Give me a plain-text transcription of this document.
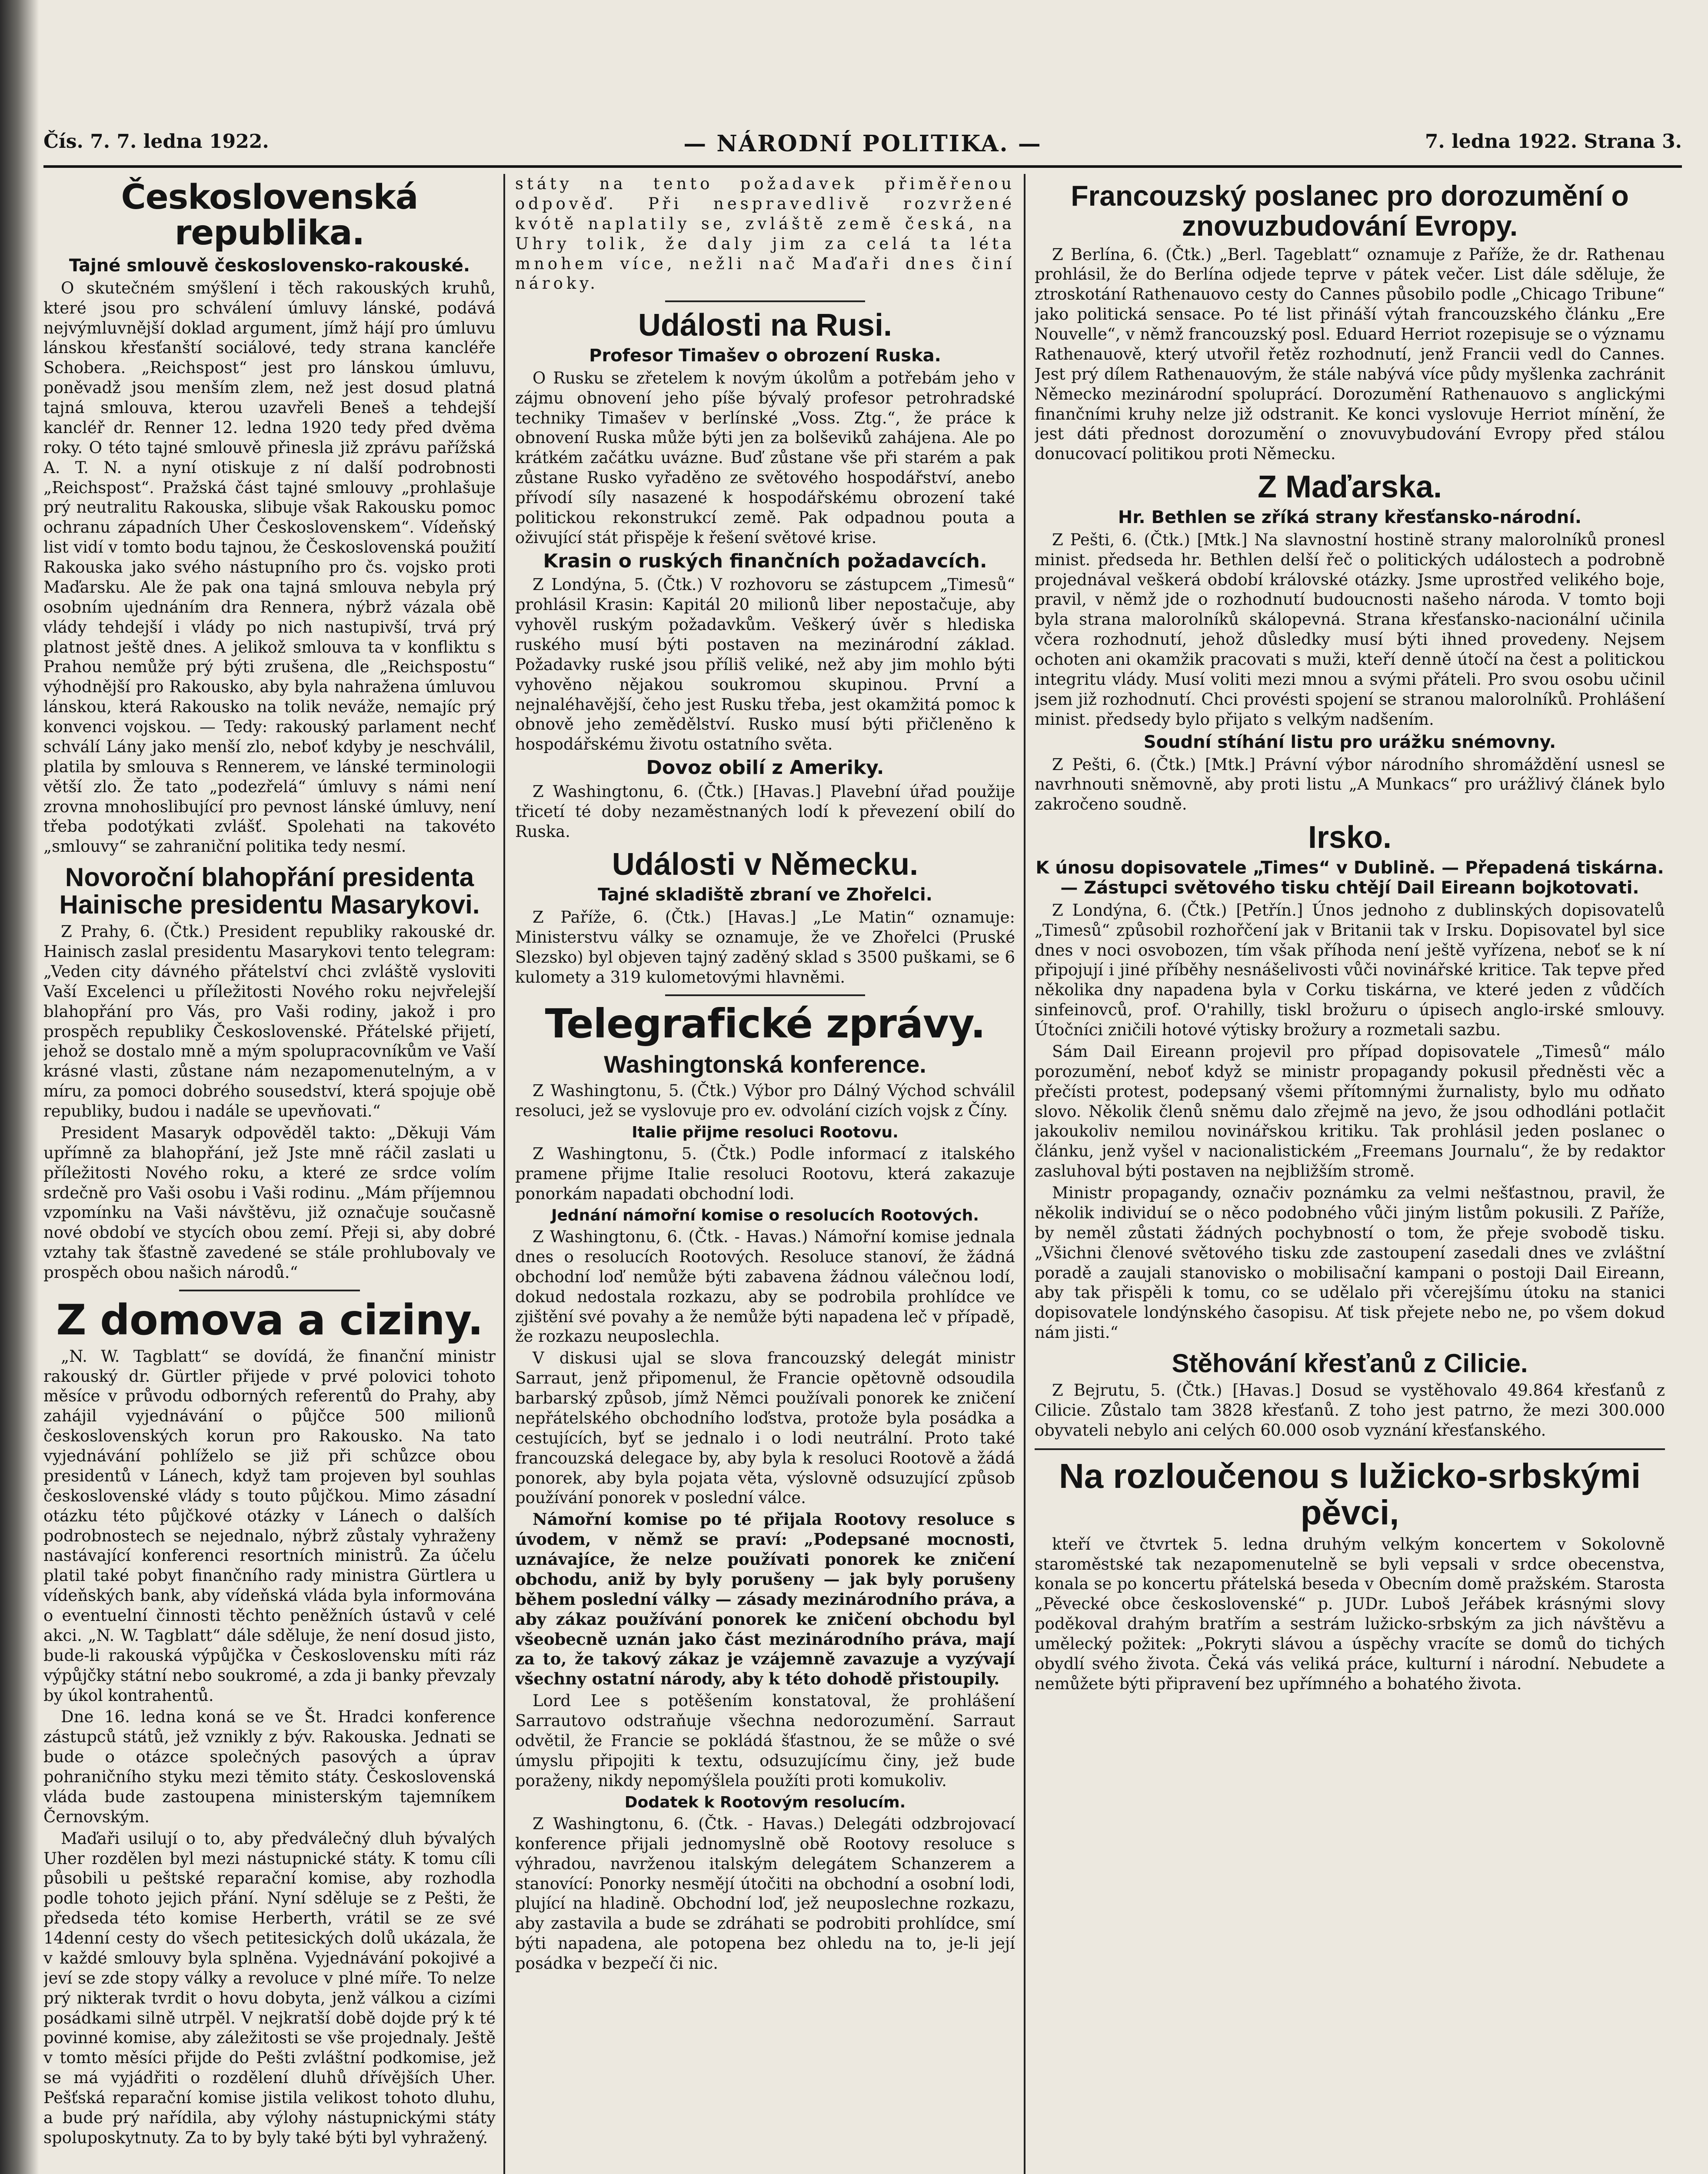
Čís. 7. 7. ledna 1922.	— NÁRODNÍ POLITIKA. —	7. ledna 1922. Strana 3.
Československá republika.
Tajné smlouvě československo-rakouské.

O skutečném smýšlení i těch rakouských kruhů, které jsou pro schválení úmluvy lánské, podává nejvýmluvnější doklad argument, jímž hájí pro úmluvu lánskou křesťanští sociálové, tedy strana kancléře Schobera. „Reichspost“ jest pro lánskou úmluvu, poněvadž jsou menším zlem, než jest dosud platná tajná smlouva, kterou uzavřeli Beneš a tehdejší kancléř dr. Renner 12. ledna 1920 tedy před dvěma roky. O této tajné smlouvě přinesla již zprávu pařížská A. T. N. a nyní otiskuje z ní další podrobnosti „Reichspost“. Pražská část tajné smlouvy „prohlašuje prý neutralitu Rakouska, slibuje však Rakousku pomoc ochranu západních Uher Československem“. Vídeňský list vidí v tomto bodu tajnou, že Československá použití Rakouska jako svého nástupního pro čs. vojsko proti Maďarsku. Ale že pak ona tajná smlouva nebyla prý osobním ujednáním dra Rennera, nýbrž vázala obě vlády tehdejší i vlády po nich nastupivší, trvá prý platnost ještě dnes. A jelikož smlouva ta v konfliktu s Prahou nemůže prý býti zrušena, dle „Reichspostu“ výhodnější pro Rakousko, aby byla nahražena úmluvou lánskou, která Rakousko na tolik neváže, nemajíc prý konvenci vojskou. — Tedy: rakouský parlament nechť schválí Lány jako menší zlo, neboť kdyby je neschválil, platila by smlouva s Rennerem, ve lánské terminologii větší zlo. Že tato „podezřelá“ úmluvy s námi není zrovna mnohoslibující pro pevnost lánské úmluvy, není třeba podotýkati zvlášť. Spolehati na takovéto „smlouvy“ se zahraniční politika tedy nesmí.

Novoroční blahopřání presidenta Hainische presidentu Masarykovi.

Z Prahy, 6. (Čtk.) President republiky rakouské dr. Hainisch zaslal presidentu Masarykovi tento telegram: „Veden city dávného přátelství chci zvláště vysloviti Vaší Excelenci u příležitosti Nového roku nejvřelejší blahopřání pro Vás, pro Vaši rodiny, jakož i pro prospěch republiky Československé. Přátelské přijetí, jehož se dostalo mně a mým spolupracovníkům ve Vaší krásné vlasti, zůstane nám nezapomenutelným, a v míru, za pomoci dobrého sousedství, která spojuje obě republiky, budou i nadále se upevňovati.“

President Masaryk odpověděl takto: „Děkuji Vám upřímně za blahopřání, jež Jste mně ráčil zaslati u příležitosti Nového roku, a které ze srdce volím srdečně pro Vaši osobu i Vaši rodinu. „Mám příjemnou vzpomínku na Vaši návštěvu, již označuje současně nové období ve stycích obou zemí. Přeji si, aby dobré vztahy tak šťastně zavedené se stále prohlubovaly ve prospěch obou našich národů.“

Z domova a ciziny.

„N. W. Tagblatt“ se dovídá, že finanční ministr rakouský dr. Gürtler přijede v prvé polovici tohoto měsíce v průvodu odborných referentů do Prahy, aby zahájil vyjednávání o půjčce 500 milionů československých korun pro Rakousko. Na tato vyjednávání pohlíželo se již při schůzce obou presidentů v Lánech, když tam projeven byl souhlas československé vlády s touto půjčkou. Mimo zásadní otázku této půjčkové otázky v Lánech o dalších podrobnostech se nejednalo, nýbrž zůstaly vyhraženy nastávající konferenci resortních ministrů. Za účelu platil také pobyt finančního rady ministra Gürtlera u vídeňských bank, aby vídeňská vláda byla informována o eventuelní činnosti těchto peněžních ústavů v celé akci. „N. W. Tagblatt“ dále sděluje, že není dosud jisto, bude-li rakouská výpůjčka v Československu míti ráz výpůjčky státní nebo soukromé, a zda ji banky převzaly by úkol kontrahentů.

Dne 16. ledna koná se ve Št. Hradci konference zástupců států, jež vznikly z býv. Rakouska. Jednati se bude o otázce společných pasových a úprav pohraničního styku mezi těmito státy. Československá vláda bude zastoupena ministerským tajemníkem Černovským.

Maďaři usilují o to, aby předválečný dluh bývalých Uher rozdělen byl mezi nástupnické státy. K tomu cíli působili u peštské reparační komise, aby rozhodla podle tohoto jejich přání. Nyní sděluje se z Pešti, že předseda této komise Herberth, vrátil se ze své 14denní cesty do všech petitesických dolů ukázala, že v každé smlouvy byla splněna. Vyjednávání pokojivé a jeví se zde stopy války a revoluce v plné míře. To nelze prý nikterak tvrdit o hovu dobyta, jenž válkou a cizími posádkami silně utrpěl. V nejkratší době dojde prý k té povinné komise, aby záležitosti se vše projednaly. Ještě v tomto měsíci přijde do Pešti zvláštní podkomise, jež se má vyjádřiti o rozdělení dluhů dřívějších Uher. Pešťská reparační komise jistila velikost tohoto dluhu, a bude prý nařídila, aby výlohy nástupnickými státy spoluposkytnuty. Za to by byly také býti byl vyhražený.

státy na tento požadavek přiměřenou odpověď. Při nespravedlivě rozvržené kvótě naplatily se, zvláště země česká, na Uhry tolik, že daly jim za celá ta léta mnohem více, nežli nač Maďaři dnes činí nároky.

Události na Rusi.
Profesor Timašev o obrození Ruska.

O Rusku se zřetelem k novým úkolům a potřebám jeho v zájmu obnovení jeho píše bývalý profesor petrohradské techniky Timašev v berlínské „Voss. Ztg.“, že práce k obnovení Ruska může býti jen za bolševiků zahájena. Ale po krátkém začátku uvázne. Buď zůstane vše při starém a pak zůstane Rusko vyřaděno ze světového hospodářství, anebo přívodí síly nasazené k hospodářskému obrození také politickou rekonstrukcí země. Pak odpadnou pouta a oživující stát přispěje k řešení světové krise.

Krasin o ruských finančních požadavcích.

Z Londýna, 5. (Čtk.) V rozhovoru se zástupcem „Timesů“ prohlásil Krasin: Kapitál 20 milionů liber nepostačuje, aby vyhověl ruským požadavkům. Veškerý úvěr s hlediska ruského musí býti postaven na mezinárodní základ. Požadavky ruské jsou příliš veliké, než aby jim mohlo býti vyhověno nějakou soukromou skupinou. První a nejnaléhavější, čeho jest Rusku třeba, jest okamžitá pomoc k obnově jeho zemědělství. Rusko musí býti přičleněno k hospodářskému životu ostatního světa.

Dovoz obilí z Ameriky.

Z Washingtonu, 6. (Čtk.) [Havas.] Plavební úřad použije třicetí té doby nezaměstnaných lodí k převezení obilí do Ruska.

Události v Německu.
Tajné skladiště zbraní ve Zhořelci.

Z Paříže, 6. (Čtk.) [Havas.] „Le Matin“ oznamuje: Ministerstvu války se oznamuje, že ve Zhořelci (Pruské Slezsko) byl objeven tajný zaděný sklad s 3500 puškami, se 6 kulomety a 319 kulometovými hlavněmi.

Telegrafické zprávy.
Washingtonská konference.

Z Washingtonu, 5. (Čtk.) Výbor pro Dálný Východ schválil resoluci, jež se vyslovuje pro ev. odvolání cizích vojsk z Číny.

Italie přijme resoluci Rootovu.

Z Washingtonu, 5. (Čtk.) Podle informací z italského pramene přijme Italie resoluci Rootovu, která zakazuje ponorkám napadati obchodní lodi.

Jednání námořní komise o resolucích Rootových.

Z Washingtonu, 6. (Čtk. - Havas.) Námořní komise jednala dnes o resolucích Rootových. Resoluce stanoví, že žádná obchodní loď nemůže býti zabavena žádnou válečnou lodí, dokud nedostala rozkazu, aby se podrobila prohlídce ve zjištění své povahy a že nemůže býti napadena leč v případě, že rozkazu neuposlechla.

V diskusi ujal se slova francouzský delegát ministr Sarraut, jenž připomenul, že Francie opětovně odsoudila barbarský způsob, jímž Němci používali ponorek ke zničení nepřátelského obchodního loďstva, protože byla posádka a cestujících, byť se jednalo i o lodi neutrální. Proto také francouzská delegace by, aby byla k resoluci Rootově a žádá ponorek, aby byla pojata věta, výslovně odsuzující způsob používání ponorek v poslední válce.

Námořní komise po té přijala Rootovy resoluce s úvodem, v němž se praví: „Podepsané mocnosti, uznávajíce, že nelze používati ponorek ke zničení obchodu, aniž by byly porušeny — jak byly porušeny během poslední války — zásady mezinárodního práva, a aby zákaz používání ponorek ke zničení obchodu byl všeobecně uznán jako část mezinárodního práva, mají za to, že takový zákaz je vzájemně zavazuje a vyzývají všechny ostatní národy, aby k této dohodě přistoupily.

Lord Lee s potěšením konstatoval, že prohlášení Sarrautovo odstraňuje všechna nedorozumění. Sarraut odvětil, že Francie se pokládá šťastnou, že se může o své úmyslu připojiti k textu, odsuzujícímu činy, jež bude poraženy, nikdy nepomýšlela použíti proti komukoliv.

Dodatek k Rootovým resolucím.

Z Washingtonu, 6. (Čtk. - Havas.) Delegáti odzbrojovací konference přijali jednomyslně obě Rootovy resoluce s výhradou, navrženou italským delegátem Schanzerem a stanovící: Ponorky nesmějí útočiti na obchodní a osobní lodi, plující na hladině. Obchodní loď, jež neuposlechne rozkazu, aby zastavila a bude se zdráhati se podrobiti prohlídce, smí býti napadena, ale potopena bez ohledu na to, je-li její posádka v bezpečí či nic.

Francouzský poslanec pro dorozumění o znovuzbudování Evropy.

Z Berlína, 6. (Čtk.) „Berl. Tageblatt“ oznamuje z Paříže, že dr. Rathenau prohlásil, že do Berlína odjede teprve v pátek večer. List dále sděluje, že ztroskotání Rathenauovo cesty do Cannes působilo podle „Chicago Tribune“ jako politická sensace. Po té list přináší výtah francouzského článku „Ere Nouvelle“, v němž francouzský posl. Eduard Herriot rozepisuje se o významu Rathenauově, který utvořil řetěz rozhodnutí, jenž Francii vedl do Cannes. Jest prý dílem Rathenauovým, že stále nabývá více půdy myšlenka zachránit Německo mezinárodní spoluprácí. Dorozumění Rathenauovo s anglickými finančními kruhy nelze již odstranit. Ke konci vyslovuje Herriot mínění, že jest dáti přednost dorozumění o znovuvybudování Evropy před stálou donucovací politikou proti Německu.

Z Maďarska.
Hr. Bethlen se zříká strany křesťansko-národní.

Z Pešti, 6. (Čtk.) [Mtk.] Na slavnostní hostině strany malorolníků pronesl minist. předseda hr. Bethlen delší řeč o politických událostech a podrobně projednával veškerá období královské otázky. Jsme uprostřed velikého boje, pravil, v němž jde o rozhodnutí budoucnosti našeho národa. V tomto boji byla strana malorolníků skálopevná. Strana křesťansko-nacionální učinila včera rozhodnutí, jehož důsledky musí býti ihned provedeny. Nejsem ochoten ani okamžik pracovati s muži, kteří denně útočí na čest a politickou integritu vlády. Musí voliti mezi mnou a svými přáteli. Pro svou osobu učinil jsem již rozhodnutí. Chci provésti spojení se stranou malorolníků. Prohlášení minist. předsedy bylo přijato s velkým nadšením.

Soudní stíhání listu pro urážku snémovny.

Z Pešti, 6. (Čtk.) [Mtk.] Právní výbor národního shromáždění usnesl se navrhnouti sněmovně, aby proti listu „A Munkacs“ pro urážlivý článek bylo zakročeno soudně.

Irsko.
K únosu dopisovatele „Times“ v Dublině. — Přepadená tiskárna. — Zástupci světového tisku chtějí Dail Eireann bojkotovati.

Z Londýna, 6. (Čtk.) [Petřín.] Únos jednoho z dublinských dopisovatelů „Timesů“ způsobil rozhořčení jak v Britanii tak v Irsku. Dopisovatel byl sice dnes v noci osvobozen, tím však příhoda není ještě vyřízena, neboť se k ní připojují i jiné příběhy nesnášelivosti vůči novinářské kritice. Tak tepve před několika dny napadena byla v Corku tiskárna, ve které jeden z vůdčích sinfeinovců, prof. O'rahilly, tiskl brožuru o úpisech anglo-irské smlouvy. Útočníci zničili hotové výtisky brožury a rozmetali sazbu.

Sám Dail Eireann projevil pro případ dopisovatele „Timesů“ málo porozumění, neboť když se ministr propagandy pokusil předněsti věc a přečísti protest, podepsaný všemi přítomnými žurnalisty, bylo mu odňato slovo. Několik členů sněmu dalo zřejmě na jevo, že jsou odhodláni potlačit jakoukoliv nemilou novinářskou kritiku. Tak prohlásil jeden poslanec o článku, jenž vyšel v nacionalistickém „Freemans Journalu“, že by redaktor zasluhoval býti postaven na nejbližším stromě.

Ministr propagandy, označiv poznámku za velmi nešťastnou, pravil, že několik individuí se o něco podobného vůči jiným listům pokusili. Z Paříže, by neměl zůstati žádných pochybností o tom, že přeje svobodě tisku. „Všichni členové světového tisku zde zastoupení zasedali dnes ve zvláštní poradě a zaujali stanovisko o mobilisační kampani o postoji Dail Eireann, aby tak přispěli k tomu, co se udělalo při včerejšímu útoku na stanici dopisovatele londýnského časopisu. Ať tisk přejete nebo ne, po všem dokud nám jisti.“

Stěhování křesťanů z Cilicie.

Z Bejrutu, 5. (Čtk.) [Havas.] Dosud se vystěhovalo 49.864 křesťanů z Cilicie. Zůstalo tam 3828 křesťanů. Z toho jest patrno, že mezi 300.000 obyvateli nebylo ani celých 60.000 osob vyznání křesťanského.

Na rozloučenou s lužicko-srbskými pěvci,

kteří ve čtvrtek 5. ledna druhým velkým koncertem v Sokolovně staroměstské tak nezapomenutelně se byli vepsali v srdce obecenstva, konala se po koncertu přátelská beseda v Obecním domě pražském. Starosta „Pěvecké obce československé“ p. JUDr. Luboš Jeřábek krásnými slovy poděkoval drahým bratřím a sestrám lužicko-srbským za jich návštěvu a umělecký požitek: „Pokryti slávou a úspěchy vracíte se domů do tichých obydlí svého života. Čeká vás veliká práce, kulturní i národní. Nebudete a nemůžete býti připravení bez upřímného a bohatého života.
